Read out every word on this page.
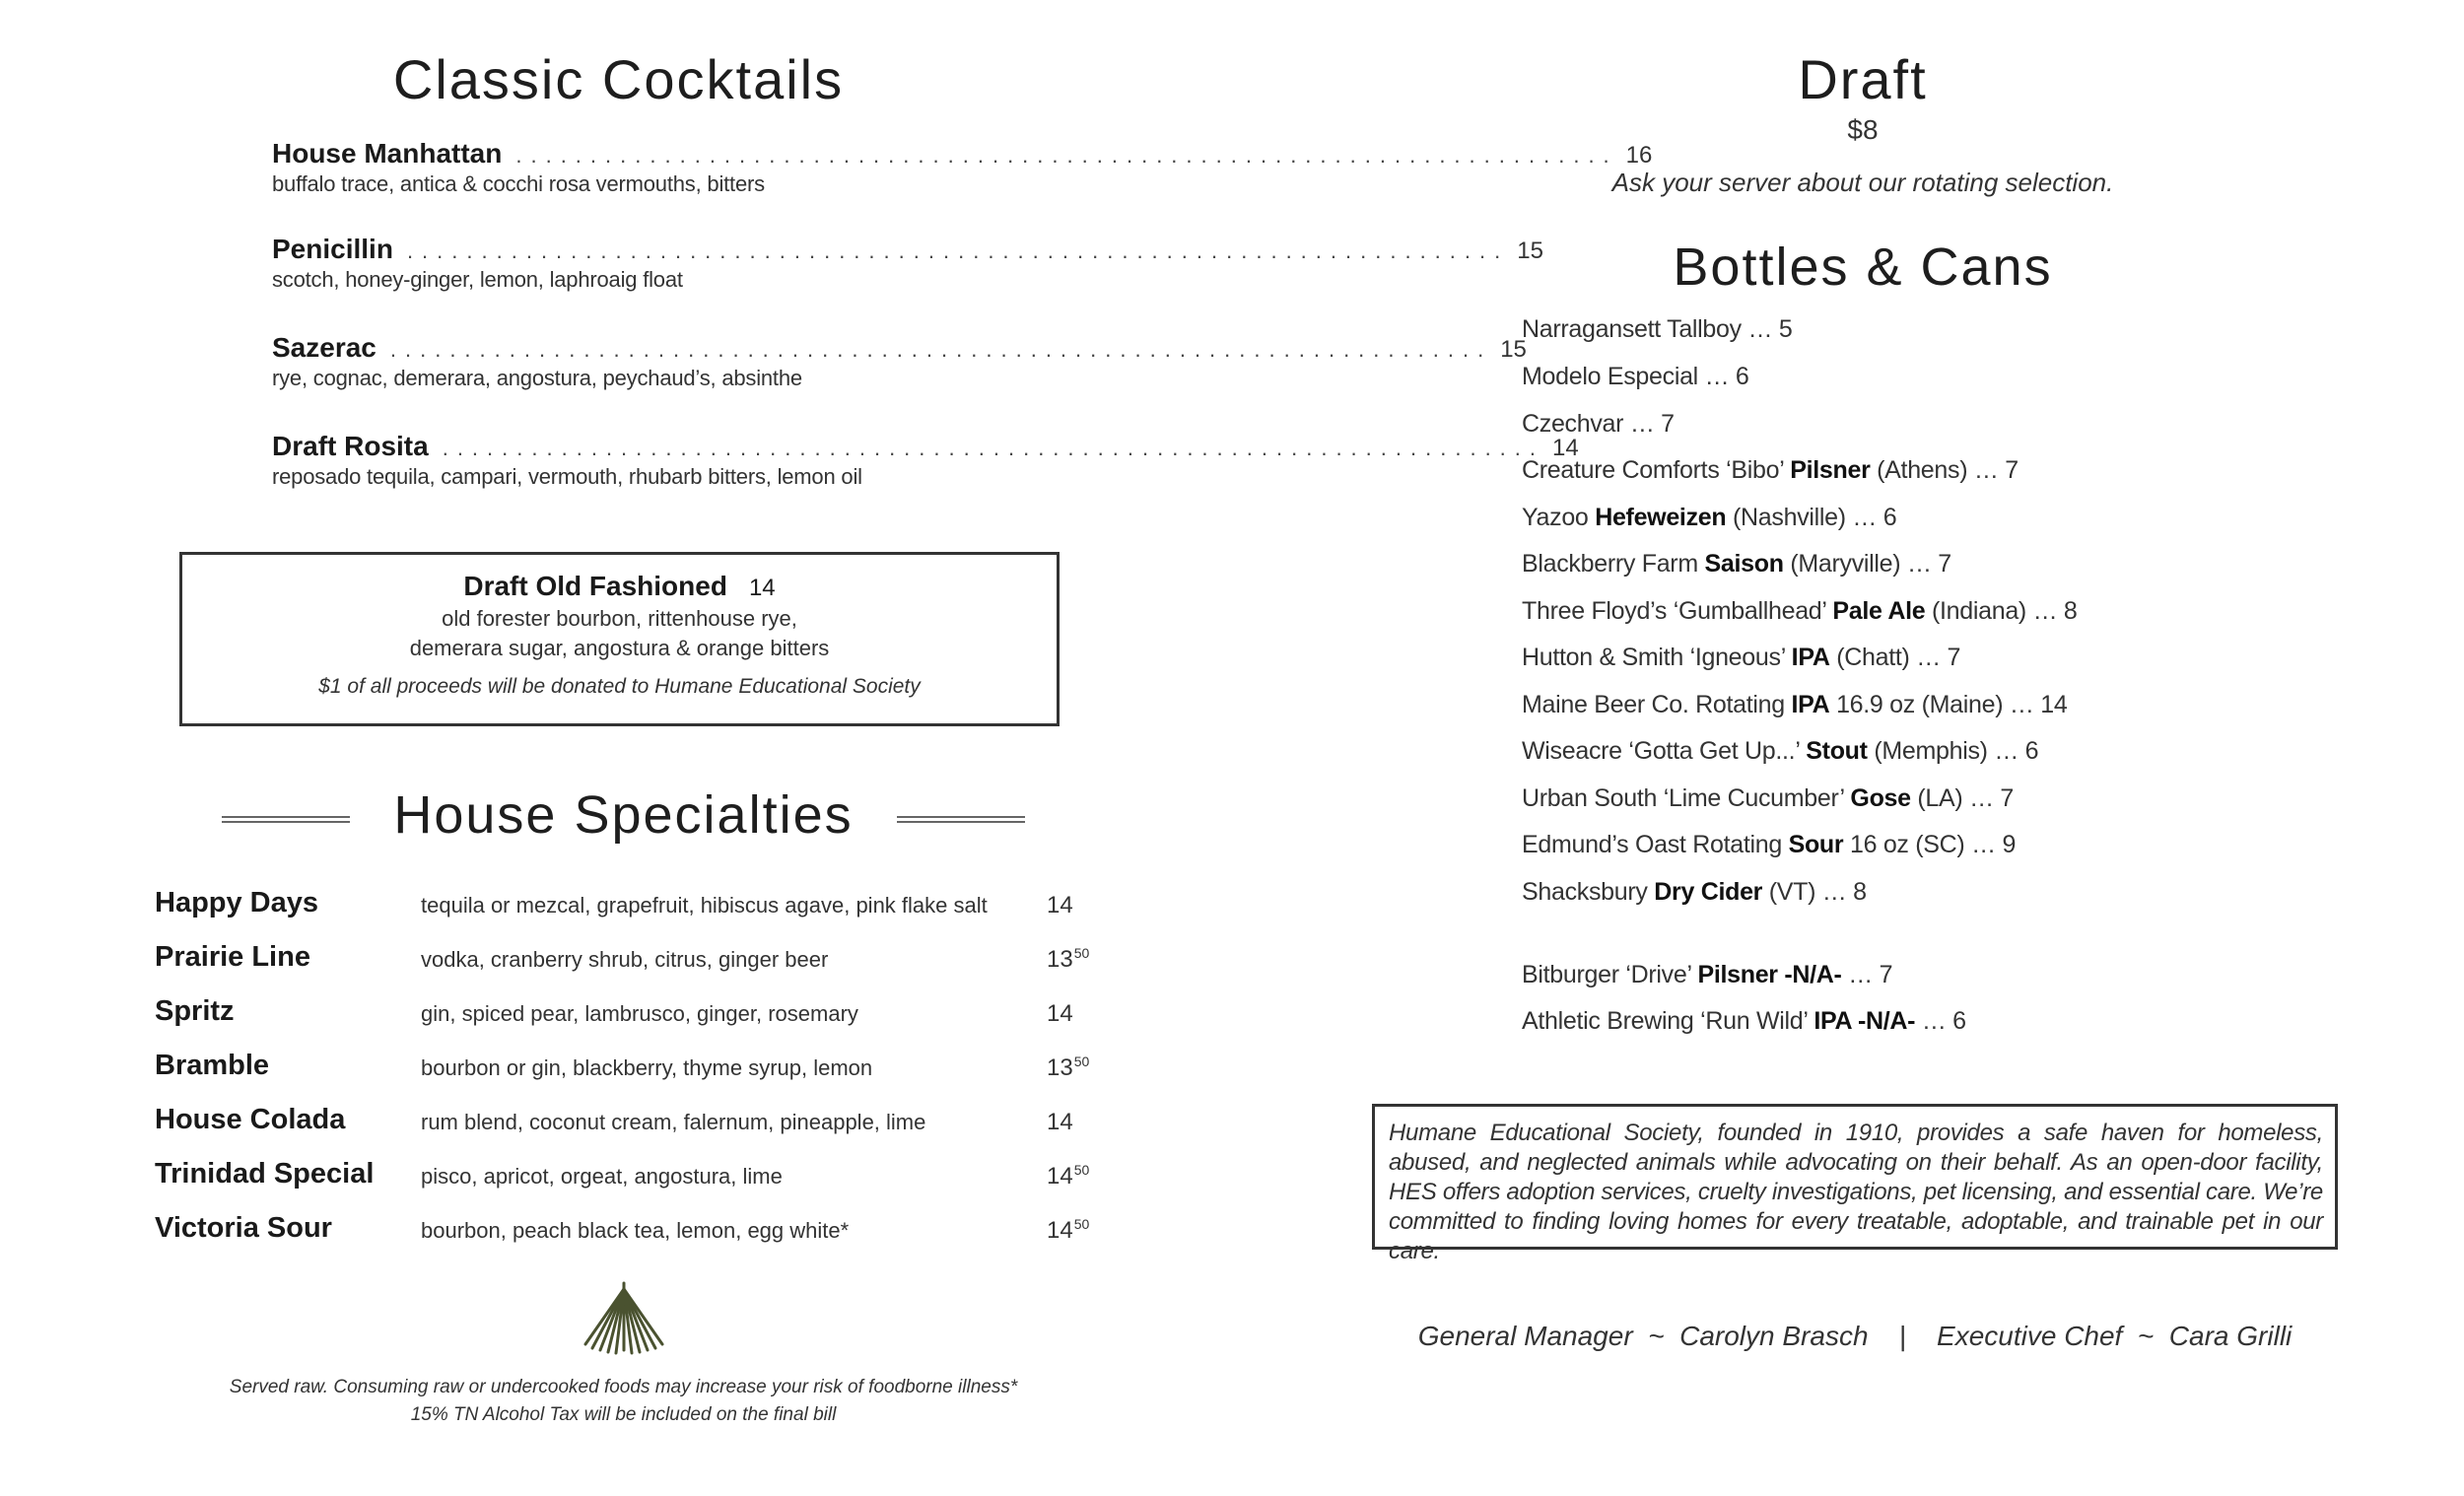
Classic Cocktails
House Manhattan .......................................................................... 16
buffalo trace, antica & cocchi rosa vermouths, bitters
Penicillin .......................................................................... 15
scotch, honey-ginger, lemon, laphroaig float
Sazerac .......................................................................... 15
rye, cognac, demerara, angostura, peychaud’s, absinthe
Draft Rosita .......................................................................... 14
reposado tequila, campari, vermouth, rhubarb bitters, lemon oil
Draft Old Fashioned 14
old forester bourbon, rittenhouse rye,
demerara sugar, angostura & orange bitters
$1 of all proceeds will be donated to Humane Educational Society
House Specialties
Happy Days	tequila or mezcal, grapefruit, hibiscus agave, pink flake salt	14
Prairie Line	vodka, cranberry shrub, citrus, ginger beer	$13^{50}$
Spritz	gin, spiced pear, lambrusco, ginger, rosemary	14
Bramble	bourbon or gin, blackberry, thyme syrup, lemon	$13^{50}$
House Colada	rum blend, coconut cream, falernum, pineapple, lime	14
Trinidad Special pisco, apricot, orgeat, angostura, lime	$14^{50}$
Victoria Sour	bourbon, peach black tea, lemon, egg white*	$14^{50}$
Served raw. Consuming raw or undercooked foods may increase your risk of foodborne illness*
15% TN Alcohol Tax will be included on the final bill
Draft
$8
Ask your server about our rotating selection.
Bottles & Cans
Narragansett Tallboy … 5
Modelo Especial … 6
Czechvar … 7
Creature Comforts ‘Bibo’ Pilsner (Athens) … 7
Yazoo Hefeweizen (Nashville) … 6
Blackberry Farm Saison (Maryville) … 7
Three Floyd’s ‘Gumballhead’ Pale Ale (Indiana) … 8
Hutton & Smith ‘Igneous’ IPA (Chatt) … 7
Maine Beer Co. Rotating IPA 16.9 oz (Maine) … 14
Wiseacre ‘Gotta Get Up...’ Stout (Memphis) … 6
Urban South ‘Lime Cucumber’ Gose (LA) … 7
Edmund’s Oast Rotating Sour 16 oz (SC) … 9
Shacksbury Dry Cider (VT) … 8
Bitburger ‘Drive’ Pilsner -N/A- … 7
Athletic Brewing ‘Run Wild’ IPA -N/A- … 6

Humane Educational Society, founded in 1910, provides a safe haven for homeless, abused, and neglected animals while advocating on their behalf. As an open-door facility, HES offers adoption services, cruelty investigations, pet licensing, and essential care. We’re committed to finding loving homes for every treatable, adoptable, and trainable pet in our care.

General Manager  ~  Carolyn Brasch    |    Executive Chef  ~  Cara Grilli
